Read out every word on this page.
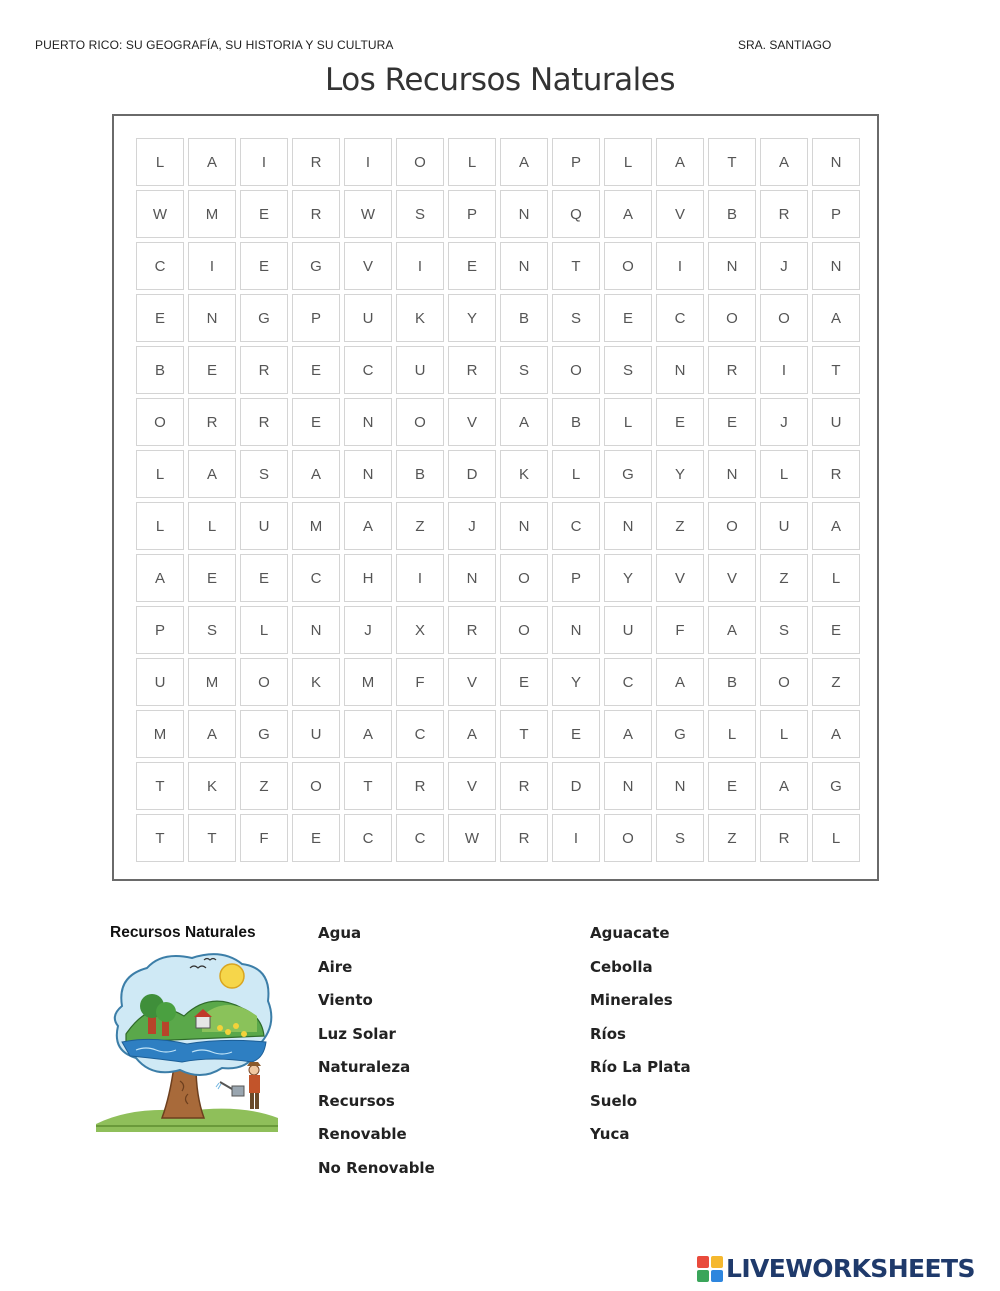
PUERTO RICO: SU GEOGRAFÍA, SU HISTORIA Y SU CULTURA	SRA. SANTIAGO
Los Recursos Naturales
L	A	I	R	I	O	L	A	P	L	A	T	A	N
W	M	E	R	W	S	P	N	Q	A	V	B	R	P
C	I	E	G	V	I	E	N	T	O	I	N	J	N
E	N	G	P	U	K	Y	B	S	E	C	O	O	A
B	E	R	E	C	U	R	S	O	S	N	R	I	T
O	R	R	E	N	O	V	A	B	L	E	E	J	U
L	A	S	A	N	B	D	K	L	G	Y	N	L	R
L	L	U	M	A	Z	J	N	C	N	Z	O	U	A
A	E	E	C	H	I	N	O	P	Y	V	V	Z	L
P	S	L	N	J	X	R	O	N	U	F	A	S	E
U	M	O	K	M	F	V	E	Y	C	A	B	O	Z
M	A	G	U	A	C	A	T	E	A	G	L	L	A
T	K	Z	O	T	R	V	R	D	N	N	E	A	G
T	T	F	E	C	C	W	R	I	O	S	Z	R	L
Recursos Naturales	Agua
Aire
Viento
Luz Solar
Naturaleza
Recursos
Renovable
No Renovable
Aguacate
Cebolla
Minerales
Ríos
Río La Plata
Suelo
Yuca
LIVEWORKSHEETS
